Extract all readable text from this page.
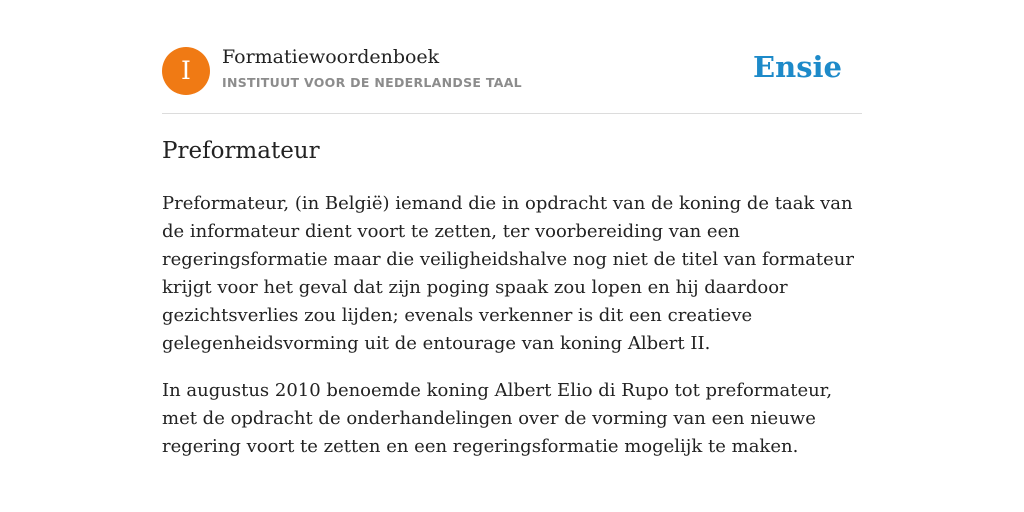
I	Formatiewoordenboek
INSTITUUT VOOR DE NEDERLANDSE TAAL	Ensie
Preformateur

Preformateur, (in België) iemand die in opdracht van de koning de taak van de informateur dient voort te zetten, ter voorbereiding van een regeringsformatie maar die veiligheidshalve nog niet de titel van formateur krijgt voor het geval dat zijn poging spaak zou lopen en hij daardoor gezichtsverlies zou lijden; evenals verkenner is dit een creatieve gelegenheidsvorming uit de entourage van koning Albert II.

In augustus 2010 benoemde koning Albert Elio di Rupo tot preformateur, met de opdracht de onderhandelingen over de vorming van een nieuwe regering voort te zetten en een regeringsformatie mogelijk te maken.
